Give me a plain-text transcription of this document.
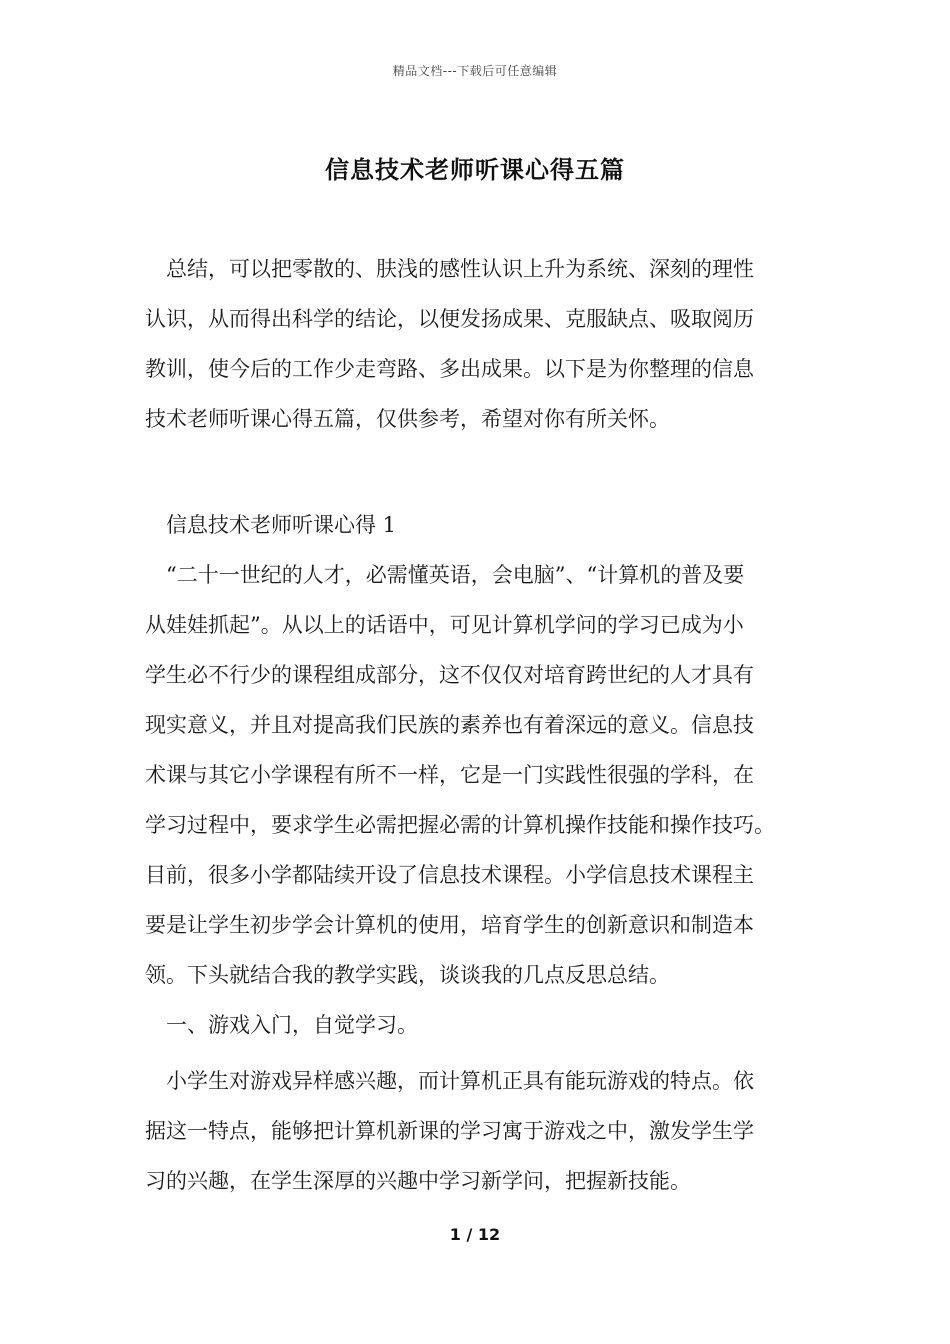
精品文档---下载后可任意编辑
信息技术老师听课心得五篇
总结，可以把零散的、肤浅的感性认识上升为系统、深刻的理性
认识，从而得出科学的结论，以便发扬成果、克服缺点、吸取阅历
教训，使今后的工作少走弯路、多出成果。以下是为你整理的信息
技术老师听课心得五篇，仅供参考，希望对你有所关怀。
信息技术老师听课心得 1
“二十一世纪的人才，必需懂英语，会电脑”、“计算机的普及要
从娃娃抓起”。从以上的话语中，可见计算机学问的学习已成为小
学生必不行少的课程组成部分，这不仅仅对培育跨世纪的人才具有
现实意义，并且对提高我们民族的素养也有着深远的意义。信息技
术课与其它小学课程有所不一样，它是一门实践性很强的学科，在
学习过程中，要求学生必需把握必需的计算机操作技能和操作技巧。
目前，很多小学都陆续开设了信息技术课程。小学信息技术课程主
要是让学生初步学会计算机的使用，培育学生的创新意识和制造本
领。下头就结合我的教学实践，谈谈我的几点反思总结。
一、游戏入门，自觉学习。
小学生对游戏异样感兴趣，而计算机正具有能玩游戏的特点。依
据这一特点，能够把计算机新课的学习寓于游戏之中，激发学生学
习的兴趣，在学生深厚的兴趣中学习新学问，把握新技能。
1 / 12
